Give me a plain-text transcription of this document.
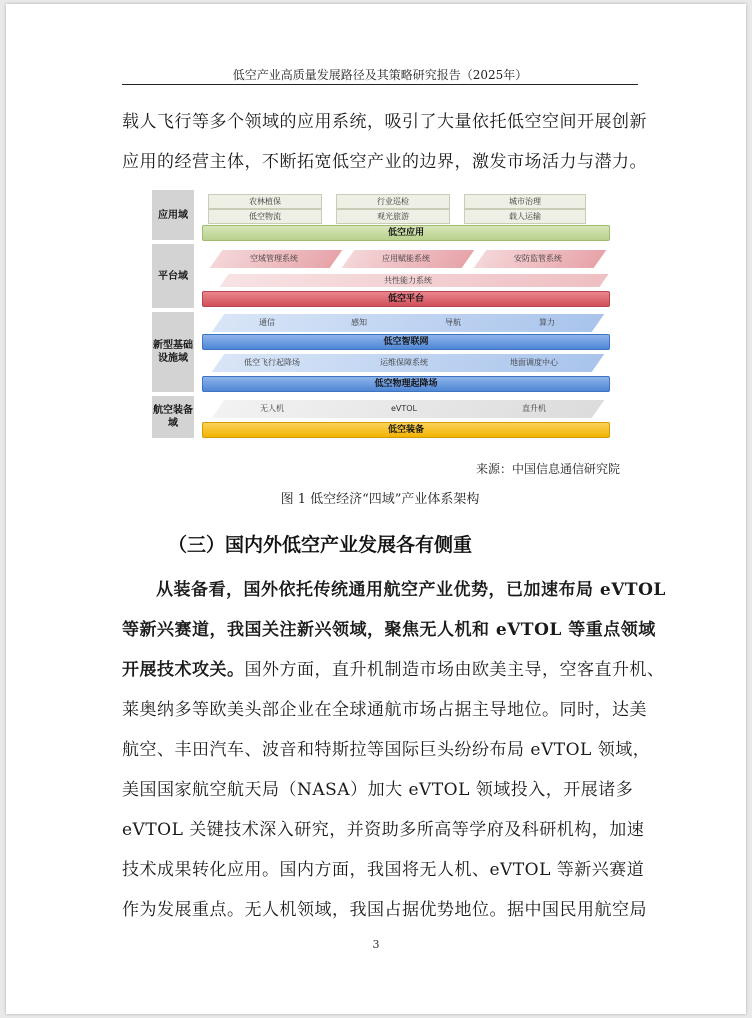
低空产业高质量发展路径及其策略研究报告（2025年）
载人飞行等多个领域的应用系统，吸引了大量依托低空空间开展创新
应用的经营主体，不断拓宽低空产业的边界，激发市场活力与潜力。
应用域
农林植保	行业巡检	城市治理
低空物流	观光旅游	载人运输
低空应用
平台域
空域管理系统	应用赋能系统	安防监管系统
共性能力系统
低空平台
新型基础设施域
通信	感知	导航	算力
低空智联网
低空飞行起降场	运维保障系统	地面调度中心
低空物理起降场
航空装备域
无人机	eVTOL	直升机
低空装备
来源：中国信息通信研究院
图 1 低空经济“四域”产业体系架构
（三）国内外低空产业发展各有侧重
从装备看，国外依托传统通用航空产业优势，已加速布局 eVTOL
等新兴赛道，我国关注新兴领域，聚焦无人机和 eVTOL 等重点领域
开展技术攻关。国外方面，直升机制造市场由欧美主导，空客直升机、
莱奥纳多等欧美头部企业在全球通航市场占据主导地位。同时，达美
航空、丰田汽车、波音和特斯拉等国际巨头纷纷布局 eVTOL 领域，
美国国家航空航天局（NASA）加大 eVTOL 领域投入，开展诸多
eVTOL 关键技术深入研究，并资助多所高等学府及科研机构，加速
技术成果转化应用。国内方面，我国将无人机、eVTOL 等新兴赛道
作为发展重点。无人机领域，我国占据优势地位。据中国民用航空局
3
